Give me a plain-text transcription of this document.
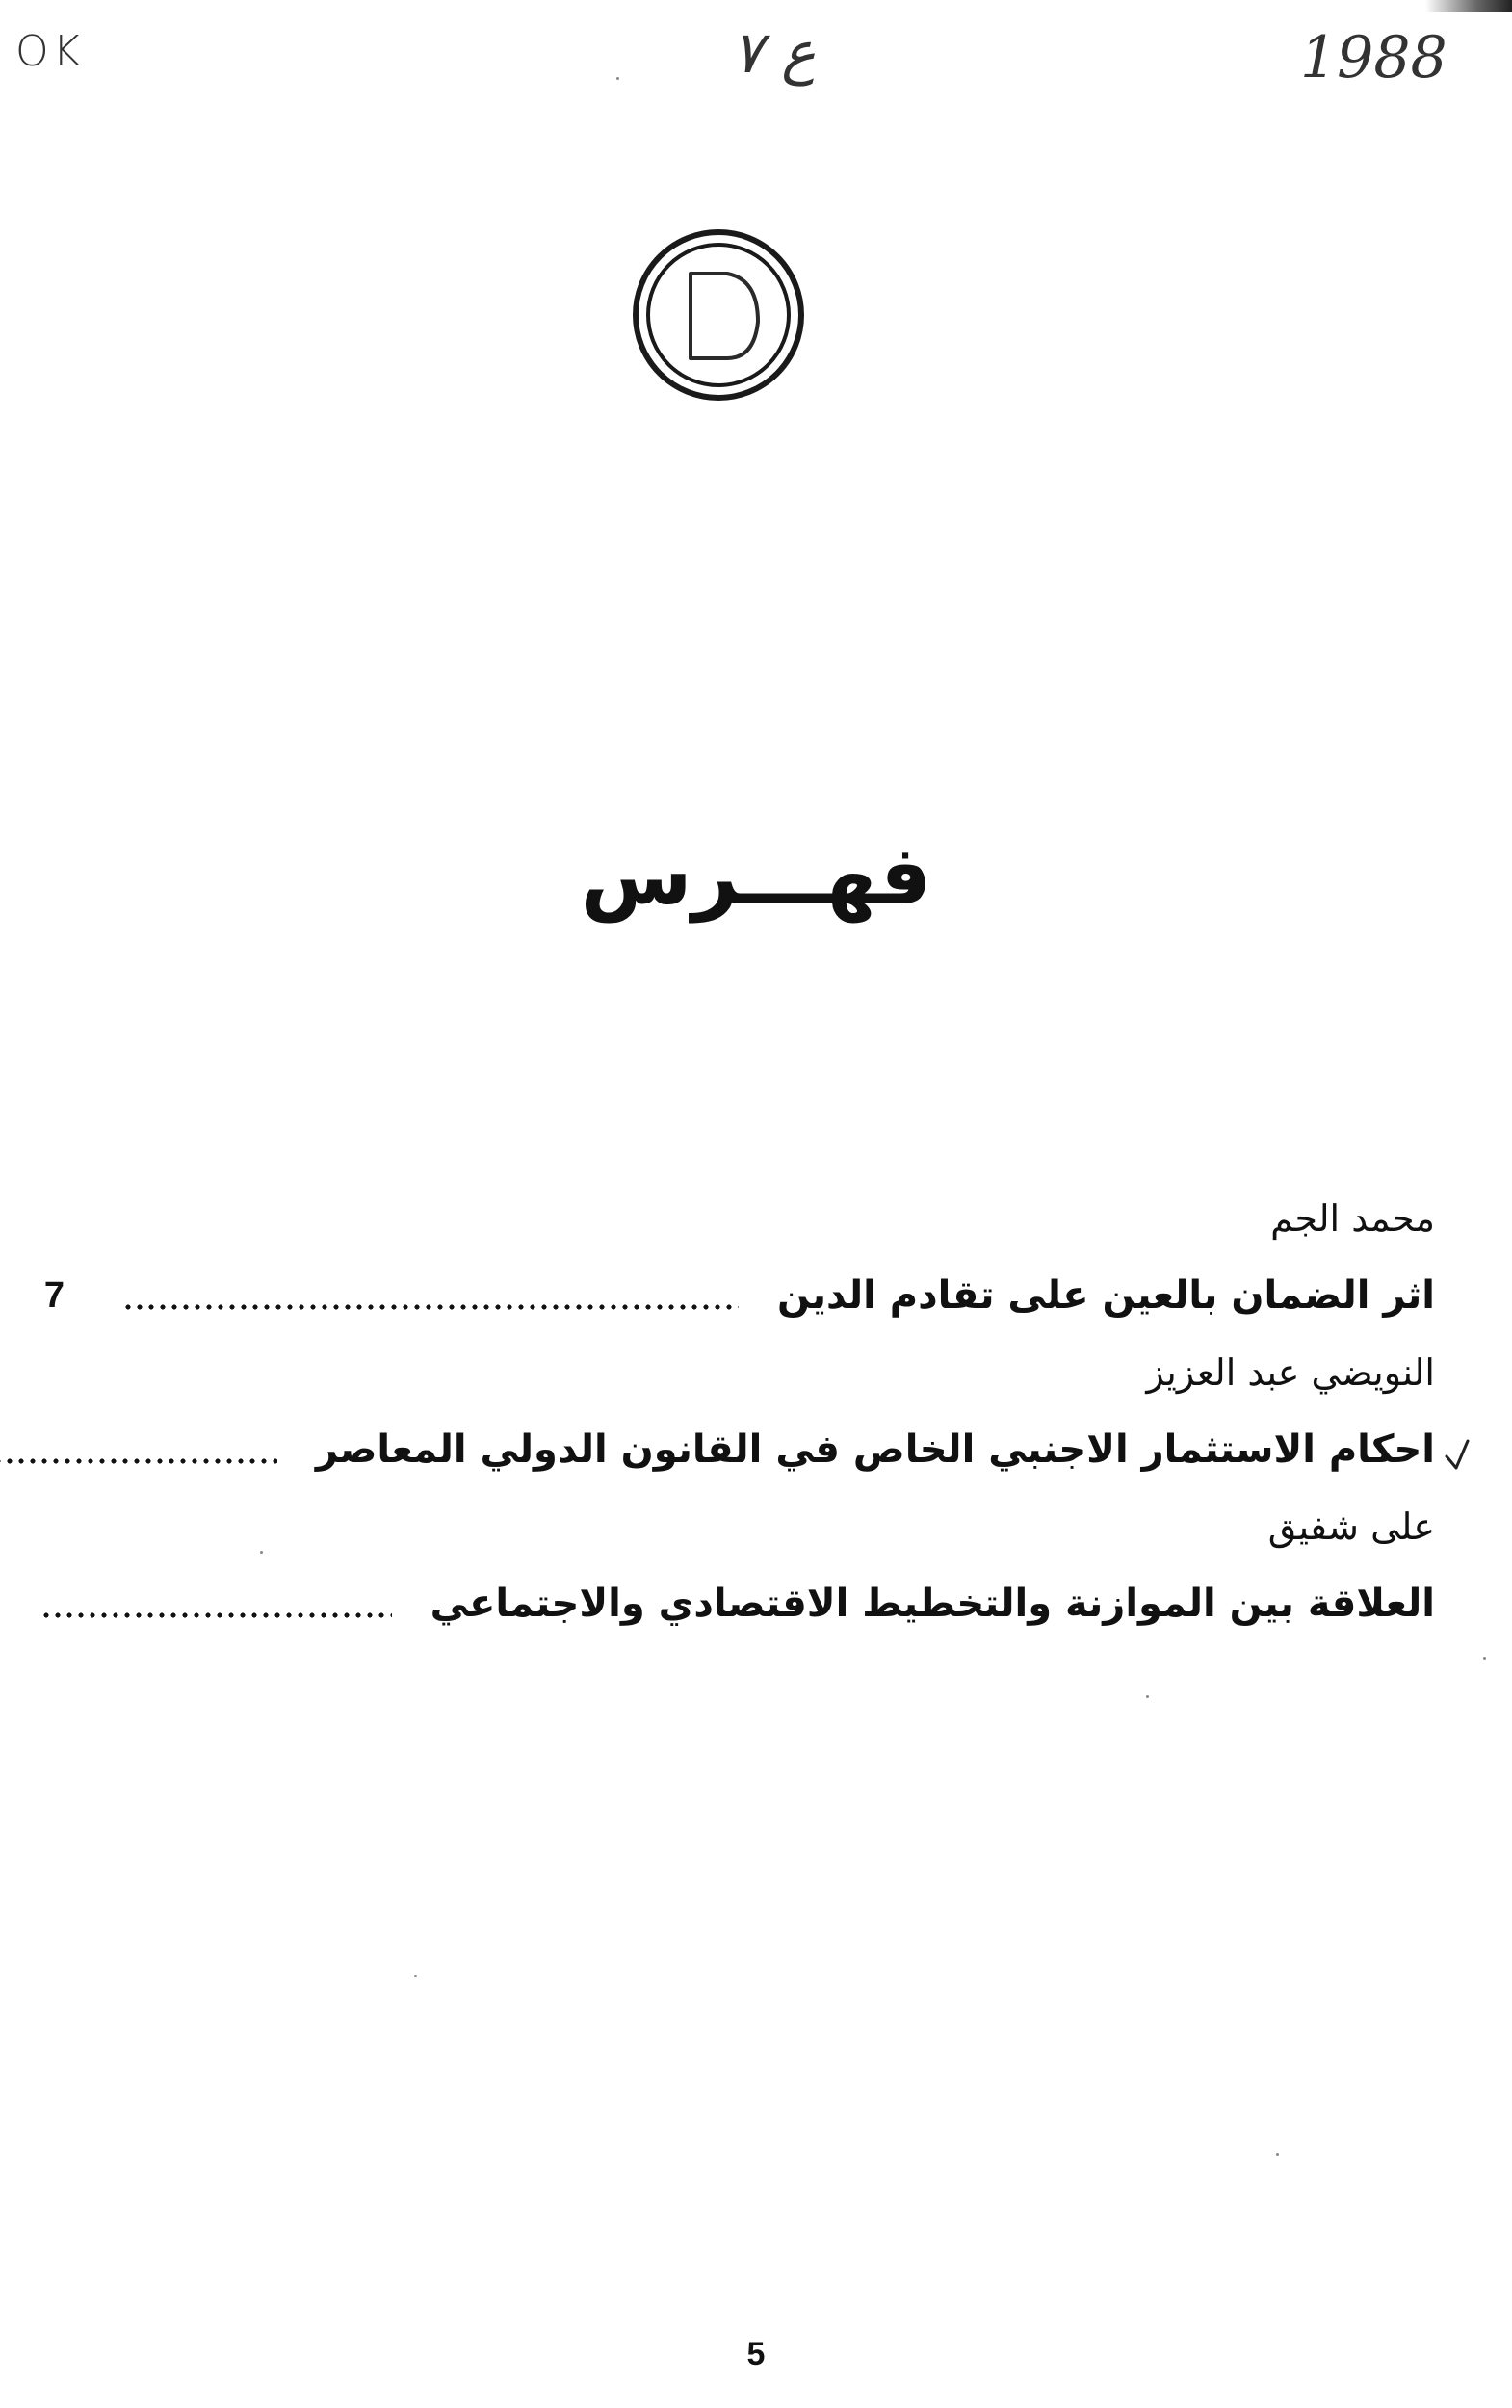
OK	ع ٧	1988
فهـــرس
محمد الجم
اثر الضمان بالعين على تقادم الدين
7
النويضي عبد العزيز
احكام الاستثمار الاجنبي الخاص في القانون الدولي المعاصر
على شفيق
العلاقة بين الموازنة والتخطيط الاقتصادي والاجتماعي
5
